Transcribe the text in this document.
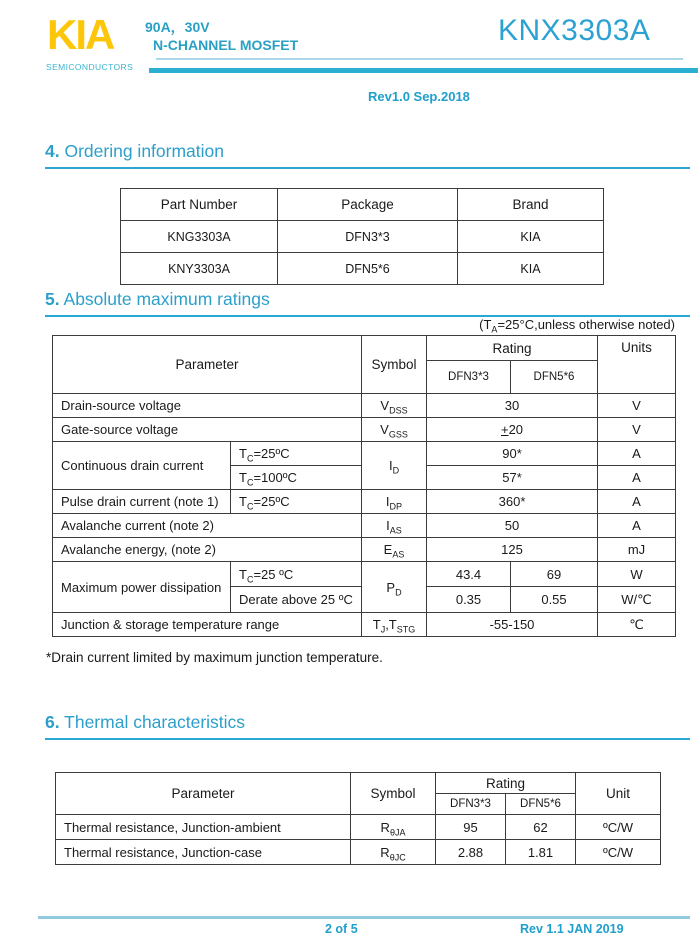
KIA
SEMICONDUCTORS
90A，30V
N-CHANNEL MOSFET	KNX3303A
Rev1.0 Sep.2018
4. Ordering information
Part Number	Package	Brand
KNG3303A	DFN3*3	KIA
KNY3303A	DFN5*6	KIA
5. Absolute maximum ratings
($T_A=25^\circ C,unless$ otherwise noted)
Parameter		Symbol	Rating		Units
			DFN3*3	DFN5*6	
Drain-source voltage		$V_{DSS}$	30		V
Gate-source voltage		$V_{GSS}$	+20		V
Continuous drain current	$T_C=25ºC$	$I_D$	90*		A
	$T_C=100ºC$		57*		A
Pulse drain current (note 1)	$T_C=25ºC$	$I_{DP}$	360*		A
Avalanche current (note 2)		$I_{AS}$	50		A
Avalanche energy, (note 2)		$E_{AS}$	125		mJ
Maximum power dissipation	$T_C=25$ ºC	$P_D$	43.4	69	W
	Derate above 25 ºC		0.35	0.55	W/℃
Junction & storage temperature range		$T_J,T_{STG}$	-55-150		℃
*Drain current limited by maximum junction temperature.
6. Thermal characteristics
Parameter	Symbol	Rating		Unit
		DFN3*3	DFN5*6	
Thermal resistance, Junction-ambient	$R_{\theta JA}$	95	62	ºC/W
Thermal resistance, Junction-case	$R_{\theta JC}$	2.88	1.81	ºC/W
2 of 5	Rev 1.1 JAN 2019
